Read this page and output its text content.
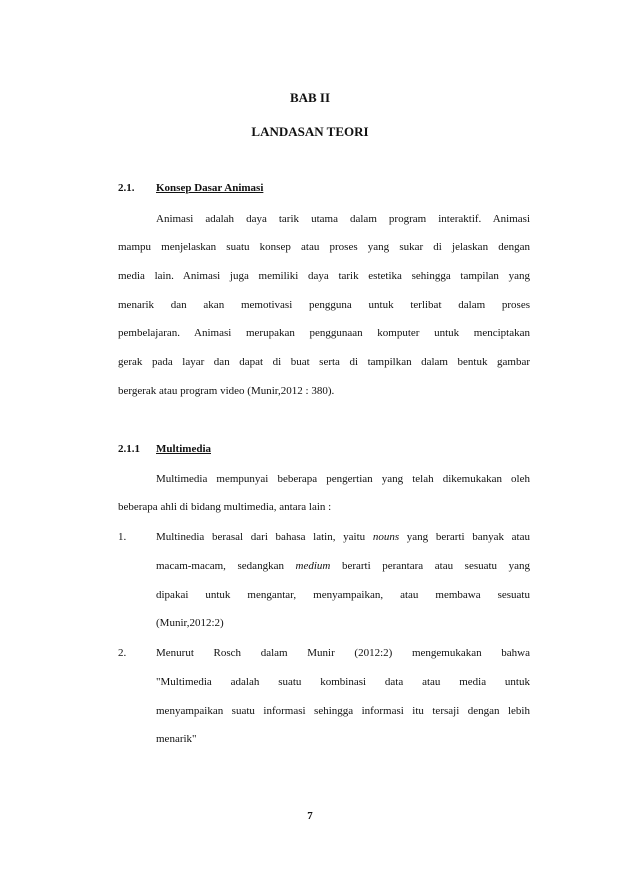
BAB II
LANDASAN TEORI
2.1. Konsep Dasar Animasi
Animasi adalah daya tarik utama dalam program interaktif. Animasi
mampu menjelaskan suatu konsep atau proses yang sukar di jelaskan dengan
media lain. Animasi juga memiliki daya tarik estetika sehingga tampilan yang
menarik dan akan memotivasi pengguna untuk terlibat dalam proses
pembelajaran. Animasi merupakan penggunaan komputer untuk menciptakan
gerak pada layar dan dapat di buat serta di tampilkan dalam bentuk gambar
bergerak atau program video (Munir,2012 : 380).
2.1.1 Multimedia
Multimedia mempunyai beberapa pengertian yang telah dikemukakan oleh
beberapa ahli di bidang multimedia, antara lain :
1.	Multinedia berasal dari bahasa latin, yaitu nouns yang berarti banyak atau
macam-macam, sedangkan medium berarti perantara atau sesuatu yang
dipakai untuk mengantar, menyampaikan, atau membawa sesuatu
(Munir,2012:2)
2.	Menurut Rosch dalam Munir (2012:2) mengemukakan bahwa
"Multimedia adalah suatu kombinasi data atau media untuk
menyampaikan suatu informasi sehingga informasi itu tersaji dengan lebih
menarik"
7
